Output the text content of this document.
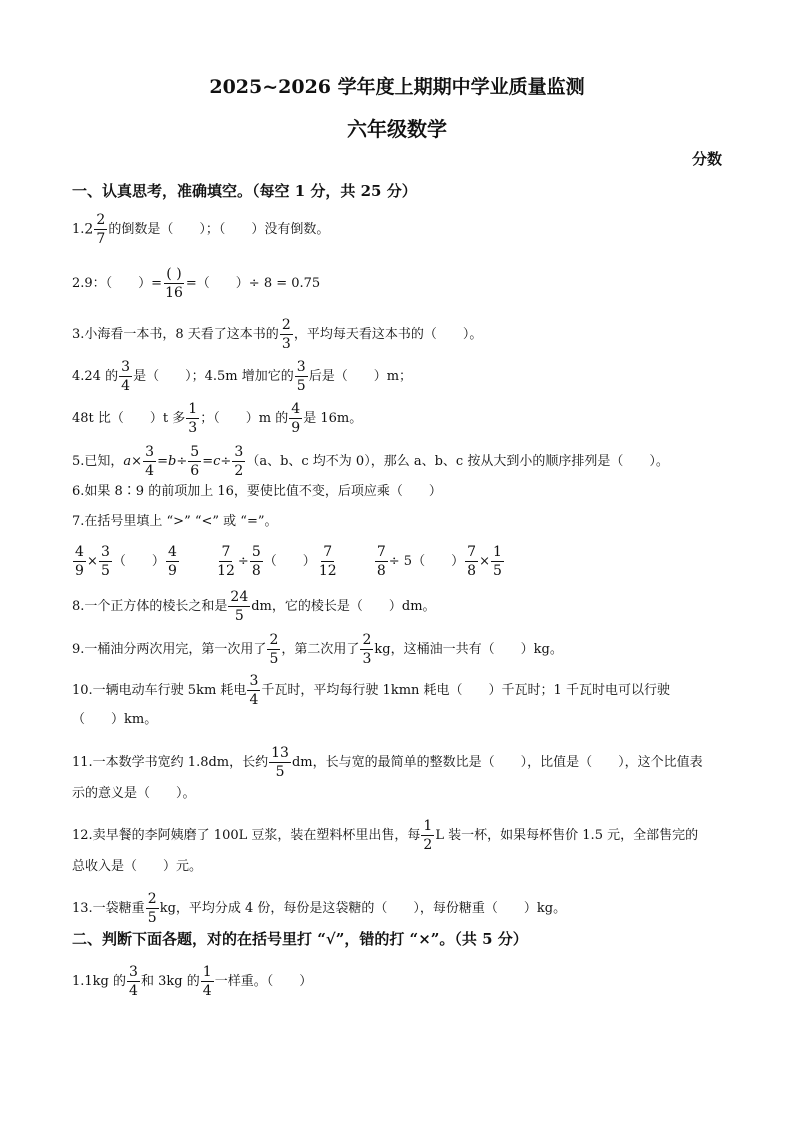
2025~2026 学年度上期期中学业质量监测
六年级数学
分数
一、认真思考，准确填空。（每空 1 分，共 25 分）
$1.2 \frac{2}{7}$ 的倒数是（　　）；（　　）没有倒数。
2.9：（　　）= $\frac{( )}{16}$ =（　　）÷ 8 = 0.75
3.小海看一本书，8 天看了这本书的 $\frac{2}{3}$ ，平均每天看这本书的（　　）。
4.24 的 $\frac{3}{4}$ 是（　　）；4.5m 增加它的 $\frac{3}{5}$ 后是（　　）m；
48t 比（　　）t 多 $\frac{1}{3}$ ；（　　）m 的 $\frac{4}{9}$ 是 16m。
5.已知，$a\times \frac{3}{4} =b\div \frac{5}{6} =c\div \frac{3}{2} (a$、b、c 均不为 0），那么 a、b、c 按从大到小的顺序排列是（　　）。
6.如果 8∶9 的前项加上 16，要使比值不变，后项应乘（　　）
7.在括号里填上 “>” “<” 或 “=”。
$\frac{4}{9} \times \frac{3}{5}$ （　　） $\frac{4}{9}$
	$\frac{7}{12} \div \frac{5}{8}$ （　　） $\frac{7}{12}$
	$\frac{7}{8} \div 5$（　　） $\frac{7}{8} \times \frac{1}{5}$
8.一个正方体的棱长之和是 $\frac{24}{5}$ dm，它的棱长是（　　）dm。
9.一桶油分两次用完，第一次用了 $\frac{2}{5}$ ，第二次用了 $\frac{2}{3}$ kg，这桶油一共有（　　）kg。
10.一辆电动车行驶 5km 耗电 $\frac{3}{4}$ 千瓦时，平均每行驶 1kmn 耗电（　　）千瓦时；1 千瓦时电可以行驶
（　　）km。
11.一本数学书宽约 1.8dm，长约 $\frac{13}{5}$ dm，长与宽的最简单的整数比是（　　），比值是（　　），这个比值表
示的意义是（　　）。
12.卖早餐的李阿姨磨了 100L 豆浆，装在塑料杯里出售，每 $\frac{1}{2}$ L 装一杯，如果每杯售价 1.5 元，全部售完的
总收入是（　　）元。
13.一袋糖重 $\frac{2}{5}$ kg，平均分成 4 份，每份是这袋糖的（　　），每份糖重（　　）kg。
二、判断下面各题，对的在括号里打 “√”，错的打 “×”。（共 5 分）
1.1kg 的 $\frac{3}{4}$ 和 3kg 的 $\frac{1}{4}$ 一样重。（　　）
